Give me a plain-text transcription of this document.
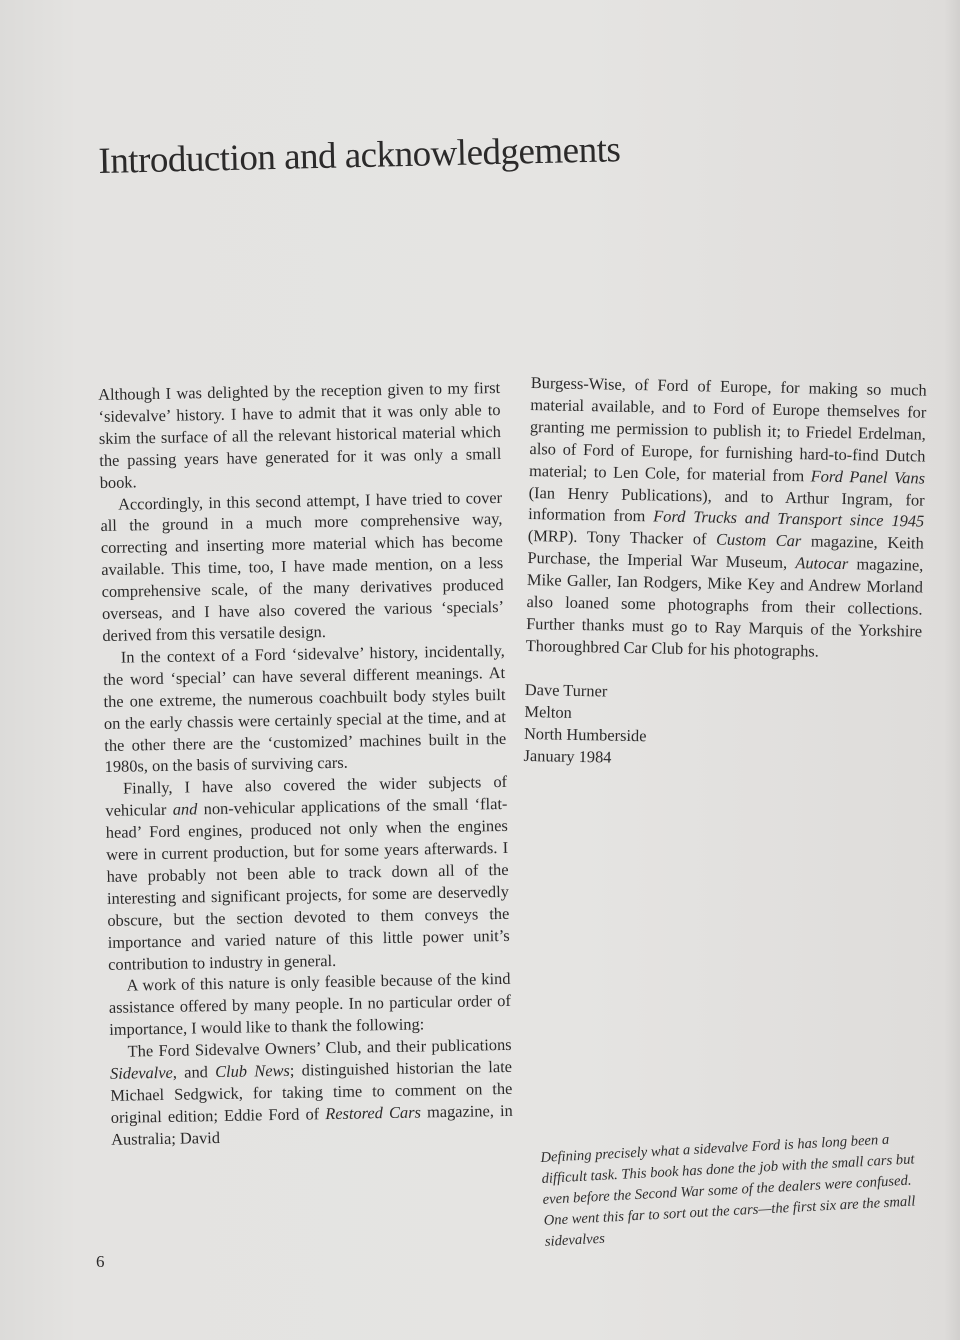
Introduction and acknowledgements

Although I was delighted by the reception given to my first ‘sidevalve’ history. I have to admit that it was only able to skim the surface of all the relevant historical material which the passing years have generated for it was only a small book.

Accordingly, in this second attempt, I have tried to cover all the ground in a much more comprehensive way, correcting and inserting more material which has become available. This time, too, I have made mention, on a less comprehensive scale, of the many derivatives produced overseas, and I have also covered the various ‘specials’ derived from this versatile design.

In the context of a Ford ‘sidevalve’ history, incidentally, the word ‘special’ can have several different meanings. At the one extreme, the numerous coachbuilt body styles built on the early chassis were certainly special at the time, and at the other there are the ‘customized’ machines built in the 1980s, on the basis of surviving cars.

Finally, I have also covered the wider subjects of vehicular and non-vehicular applications of the small ‘flat-head’ Ford engines, produced not only when the engines were in current production, but for some years afterwards. I have probably not been able to track down all of the interesting and significant projects, for some are deservedly obscure, but the section devoted to them conveys the importance and varied nature of this little power unit’s contribution to industry in general.

A work of this nature is only feasible because of the kind assistance offered by many people. In no particular order of importance, I would like to thank the following:

The Ford Sidevalve Owners’ Club, and their publications Sidevalve, and Club News; distinguished historian the late Michael Sedgwick, for taking time to comment on the original edition; Eddie Ford of Restored Cars magazine, in Australia; David

Burgess-Wise, of Ford of Europe, for making so much material available, and to Ford of Europe themselves for granting me permission to publish it; to Friedel Erdelman, also of Ford of Europe, for furnishing hard-to-find Dutch material; to Len Cole, for material from Ford Panel Vans (Ian Henry Publications), and to Arthur Ingram, for information from Ford Trucks and Transport since 1945 (MRP). Tony Thacker of Custom Car magazine, Keith Purchase, the Imperial War Museum, Autocar magazine, Mike Galler, Ian Rodgers, Mike Key and Andrew Morland also loaned some photographs from their collections. Further thanks must go to Ray Marquis of the Yorkshire Thoroughbred Car Club for his photographs.

Dave Turner
Melton
North Humberside
January 1984

Defining precisely what a sidevalve Ford is has long been a difficult task. This book has done the job with the small cars but even before the Second War some of the dealers were confused. One went this far to sort out the cars—the first six are the small sidevalves
6
